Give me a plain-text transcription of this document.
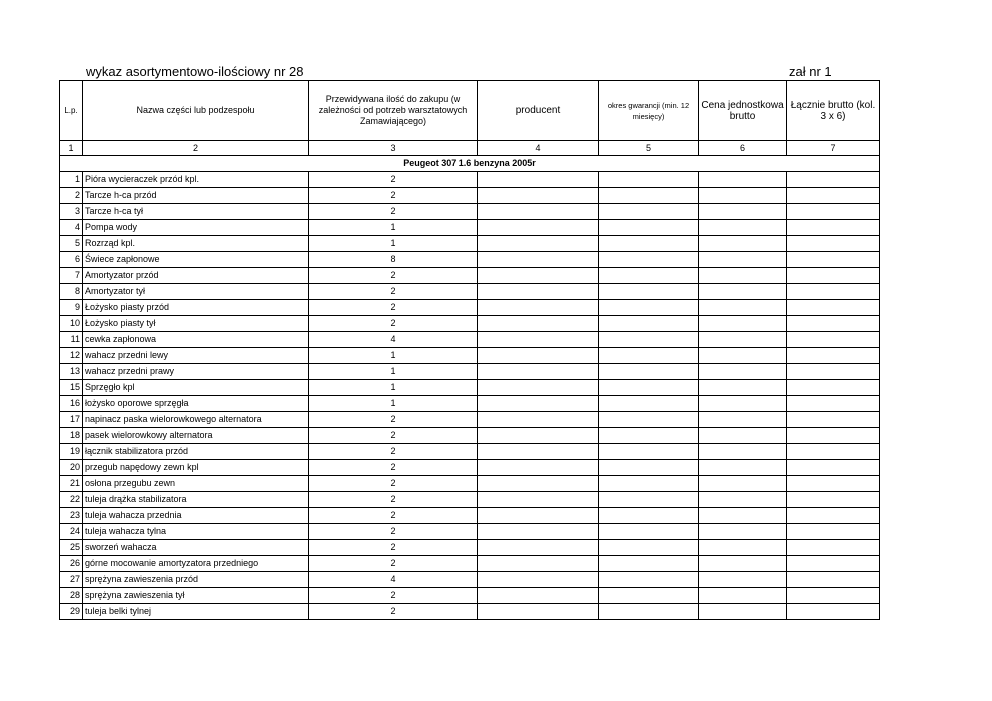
wykaz asortymentowo-ilościowy nr 28	zał nr 1
L.p.	Nazwa części lub podzespołu	Przewidywana ilość do zakupu (w zależności od potrzeb warsztatowych Zamawiającego)	producent	okres gwarancji (min. 12 miesięcy)	Cena jednostkowa brutto	Łącznie brutto (kol. 3 x 6)
1	2	3	4	5	6	7
Peugeot 307 1.6 benzyna 2005r						
1	Pióra wycieraczek przód kpl.	2				
2	Tarcze h-ca przód	2				
3	Tarcze h-ca tył	2				
4	Pompa wody	1				
5	Rozrząd kpl.	1				
6	Świece zapłonowe	8				
7	Amortyzator przód	2				
8	Amortyzator tył	2				
9	Łożysko piasty przód	2				
10	Łożysko piasty tył	2				
11	cewka zapłonowa	4				
12	wahacz przedni lewy	1				
13	wahacz przedni prawy	1				
15	Sprzęgło kpl	1				
16	łożysko oporowe sprzęgła	1				
17	napinacz paska wielorowkowego alternatora	2				
18	pasek wielorowkowy alternatora	2				
19	łącznik stabilizatora przód	2				
20	przegub napędowy zewn kpl	2				
21	osłona przegubu zewn	2				
22	tuleja drążka stabilizatora	2				
23	tuleja wahacza przednia	2				
24	tuleja wahacza tylna	2				
25	sworzeń wahacza	2				
26	górne mocowanie amortyzatora przedniego	2				
27	sprężyna zawieszenia przód	4				
28	sprężyna zawieszenia tył	2				
29	tuleja belki tylnej	2				
